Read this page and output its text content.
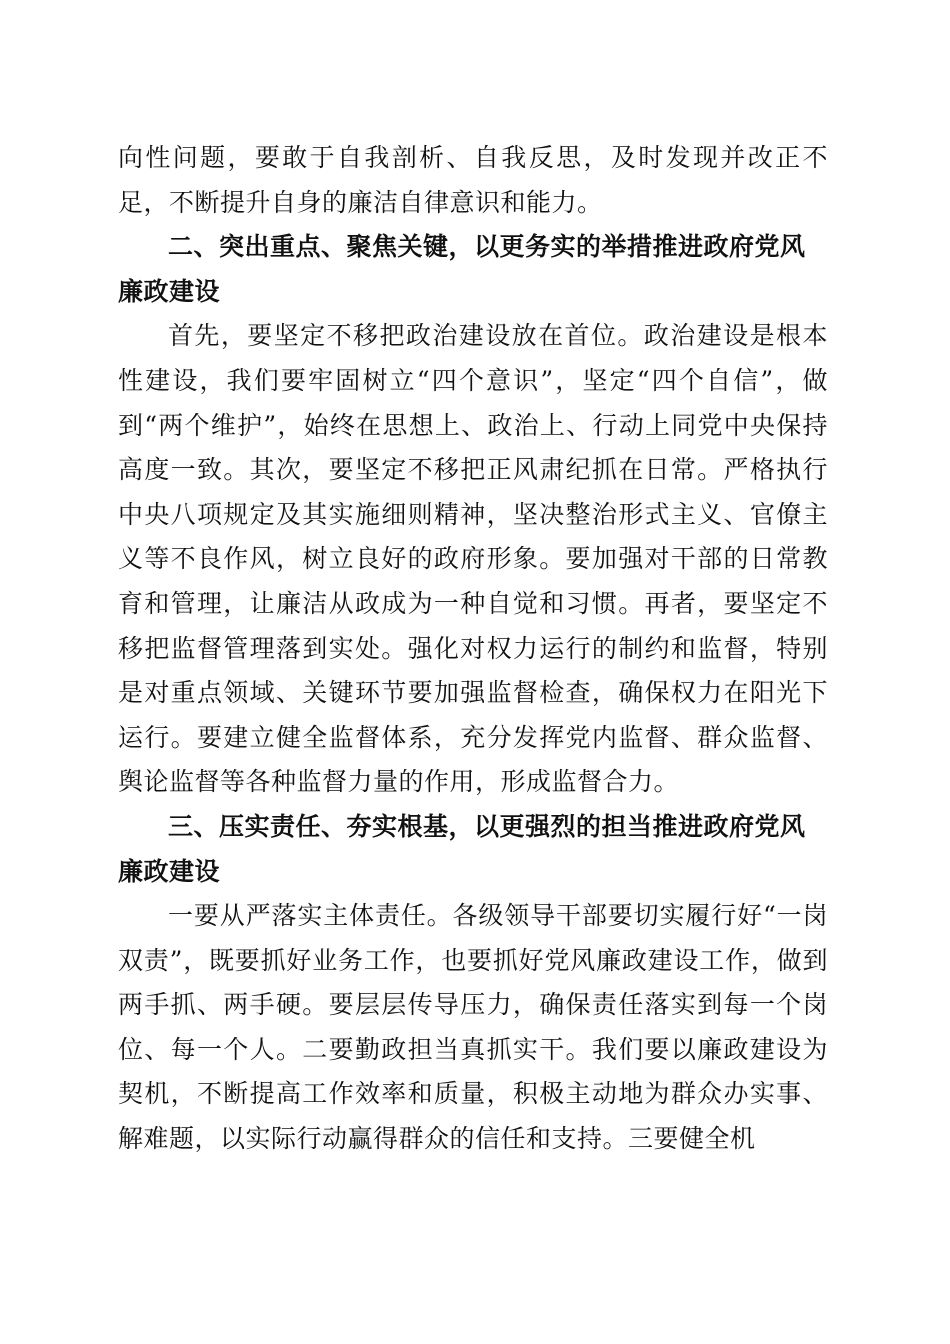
向性问题，要敢于自我剖析、自我反思，及时发现并改正不足，不断提升自身的廉洁自律意识和能力。

二、突出重点、聚焦关键，以更务实的举措推进政府党风廉政建设

首先，要坚定不移把政治建设放在首位。政治建设是根本性建设，我们要牢固树立“四个意识”，坚定“四个自信”，做到“两个维护”，始终在思想上、政治上、行动上同党中央保持高度一致。其次，要坚定不移把正风肃纪抓在日常。严格执行中央八项规定及其实施细则精神，坚决整治形式主义、官僚主义等不良作风，树立良好的政府形象。要加强对干部的日常教育和管理，让廉洁从政成为一种自觉和习惯。再者，要坚定不移把监督管理落到实处。强化对权力运行的制约和监督，特别是对重点领域、关键环节要加强监督检查，确保权力在阳光下运行。要建立健全监督体系，充分发挥党内监督、群众监督、舆论监督等各种监督力量的作用，形成监督合力。

三、压实责任、夯实根基，以更强烈的担当推进政府党风廉政建设

一要从严落实主体责任。各级领导干部要切实履行好“一岗双责”，既要抓好业务工作，也要抓好党风廉政建设工作，做到两手抓、两手硬。要层层传导压力，确保责任落实到每一个岗位、每一个人。二要勤政担当真抓实干。我们要以廉政建设为契机，不断提高工作效率和质量，积极主动地为群众办实事、解难题，以实际行动赢得群众的信任和支持。三要健全机
